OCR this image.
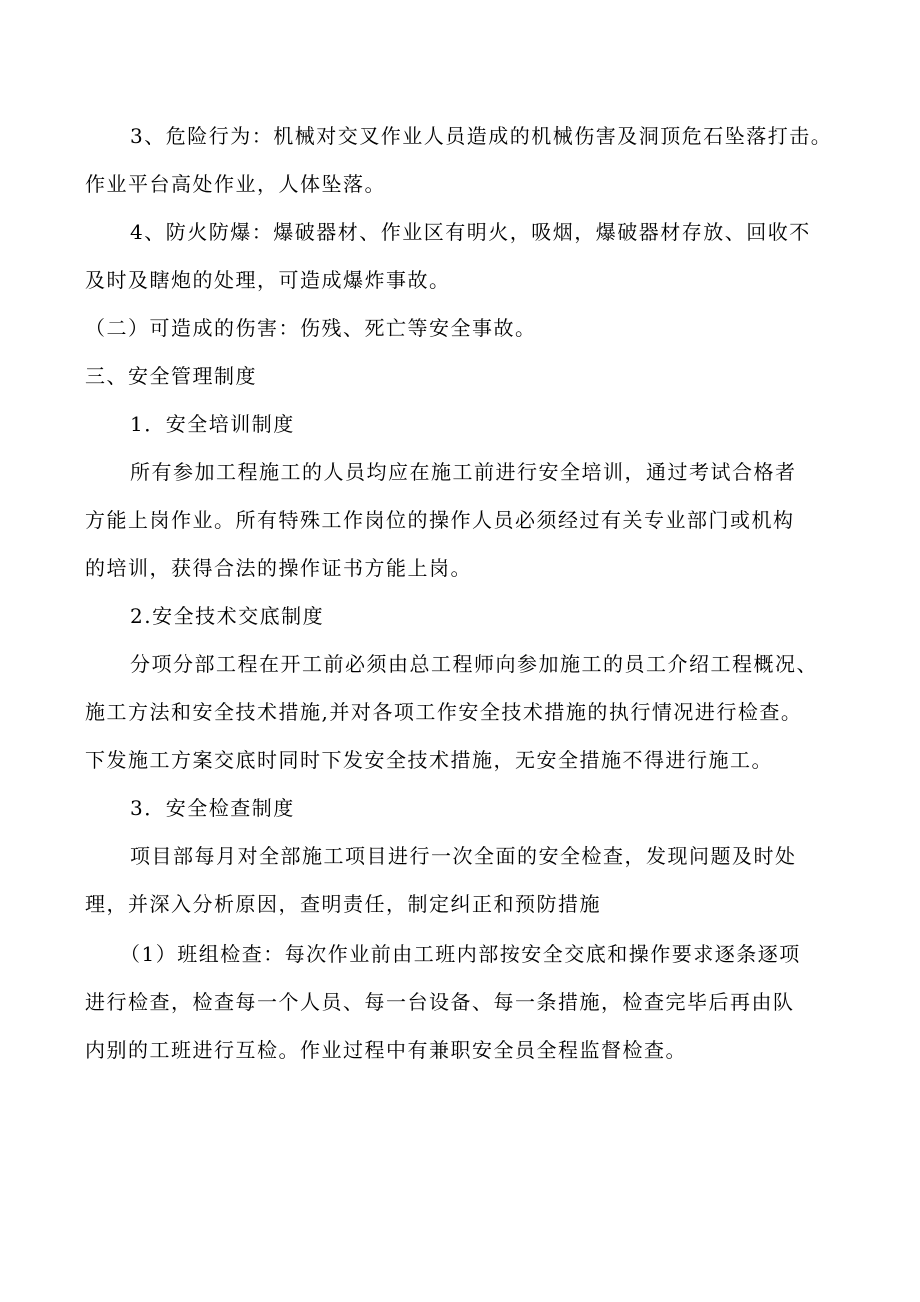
3、危险行为：机械对交叉作业人员造成的机械伤害及洞顶危石坠落打击。
作业平台高处作业，人体坠落。
4、防火防爆：爆破器材、作业区有明火，吸烟，爆破器材存放、回收不
及时及瞎炮的处理，可造成爆炸事故。
（二）可造成的伤害：伤残、死亡等安全事故。
三、安全管理制度
1．安全培训制度
所有参加工程施工的人员均应在施工前进行安全培训，通过考试合格者
方能上岗作业。所有特殊工作岗位的操作人员必须经过有关专业部门或机构
的培训，获得合法的操作证书方能上岗。
2.安全技术交底制度
分项分部工程在开工前必须由总工程师向参加施工的员工介绍工程概况、
施工方法和安全技术措施,并对各项工作安全技术措施的执行情况进行检查。
下发施工方案交底时同时下发安全技术措施，无安全措施不得进行施工。
3．安全检查制度
项目部每月对全部施工项目进行一次全面的安全检查，发现问题及时处
理，并深入分析原因，查明责任，制定纠正和预防措施
（1）班组检查：每次作业前由工班内部按安全交底和操作要求逐条逐项
进行检查，检查每一个人员、每一台设备、每一条措施，检查完毕后再由队
内别的工班进行互检。作业过程中有兼职安全员全程监督检查。
